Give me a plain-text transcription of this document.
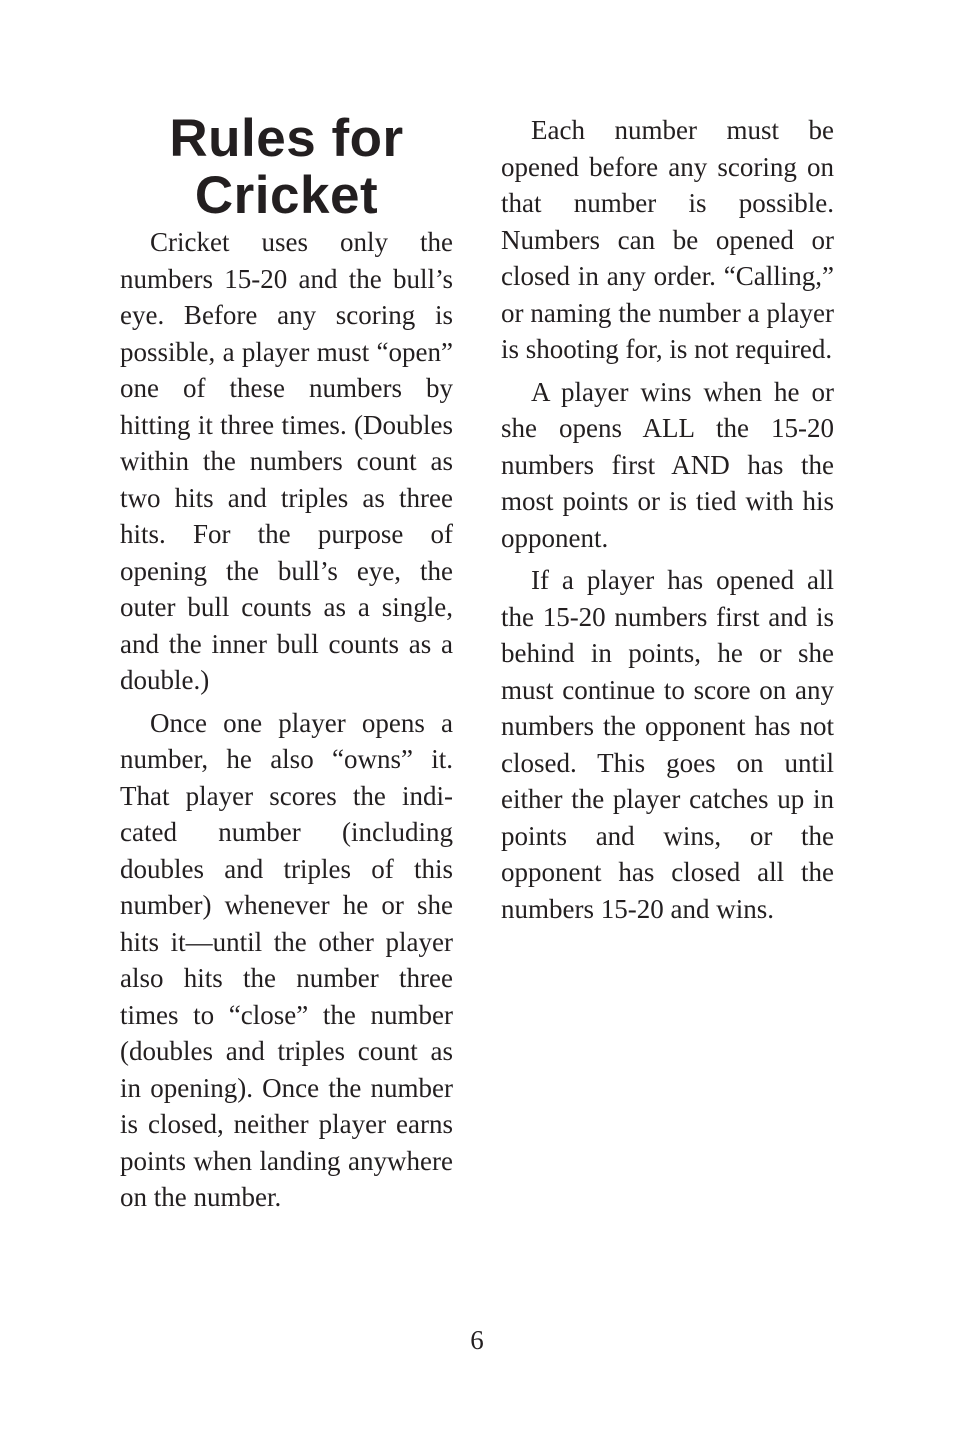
Rules for
Cricket

Cricket uses only the numbers 15-20 and the bull’s eye. Before any scoring is possible, a player must “open” one of these numbers by hitting it three times. (Doubles within the numbers count as two hits and triples as three hits. For the purpose of opening the bull’s eye, the outer bull counts as a single, and the inner bull counts as a double.)

Once one player opens a number, he also “owns” it. That player scores the indicated number (including doubles and triples of this number) whenever he or she hits it—until the other player also hits the number three times to “close” the number (doubles and triples count as in opening). Once the number is closed, neither player earns points when landing anywhere on the number.

Each number must be opened before any scoring on that number is possible. Numbers can be opened or closed in any order. “Calling,” or naming the number a player is shooting for, is not required.

A player wins when he or she opens ALL the 15-20 numbers first AND has the most points or is tied with his opponent.

If a player has opened all the 15-20 numbers first and is behind in points, he or she must continue to score on any numbers the opponent has not closed. This goes on until either the player catches up in points and wins, or the opponent has closed all the numbers 15-20 and wins.

6
